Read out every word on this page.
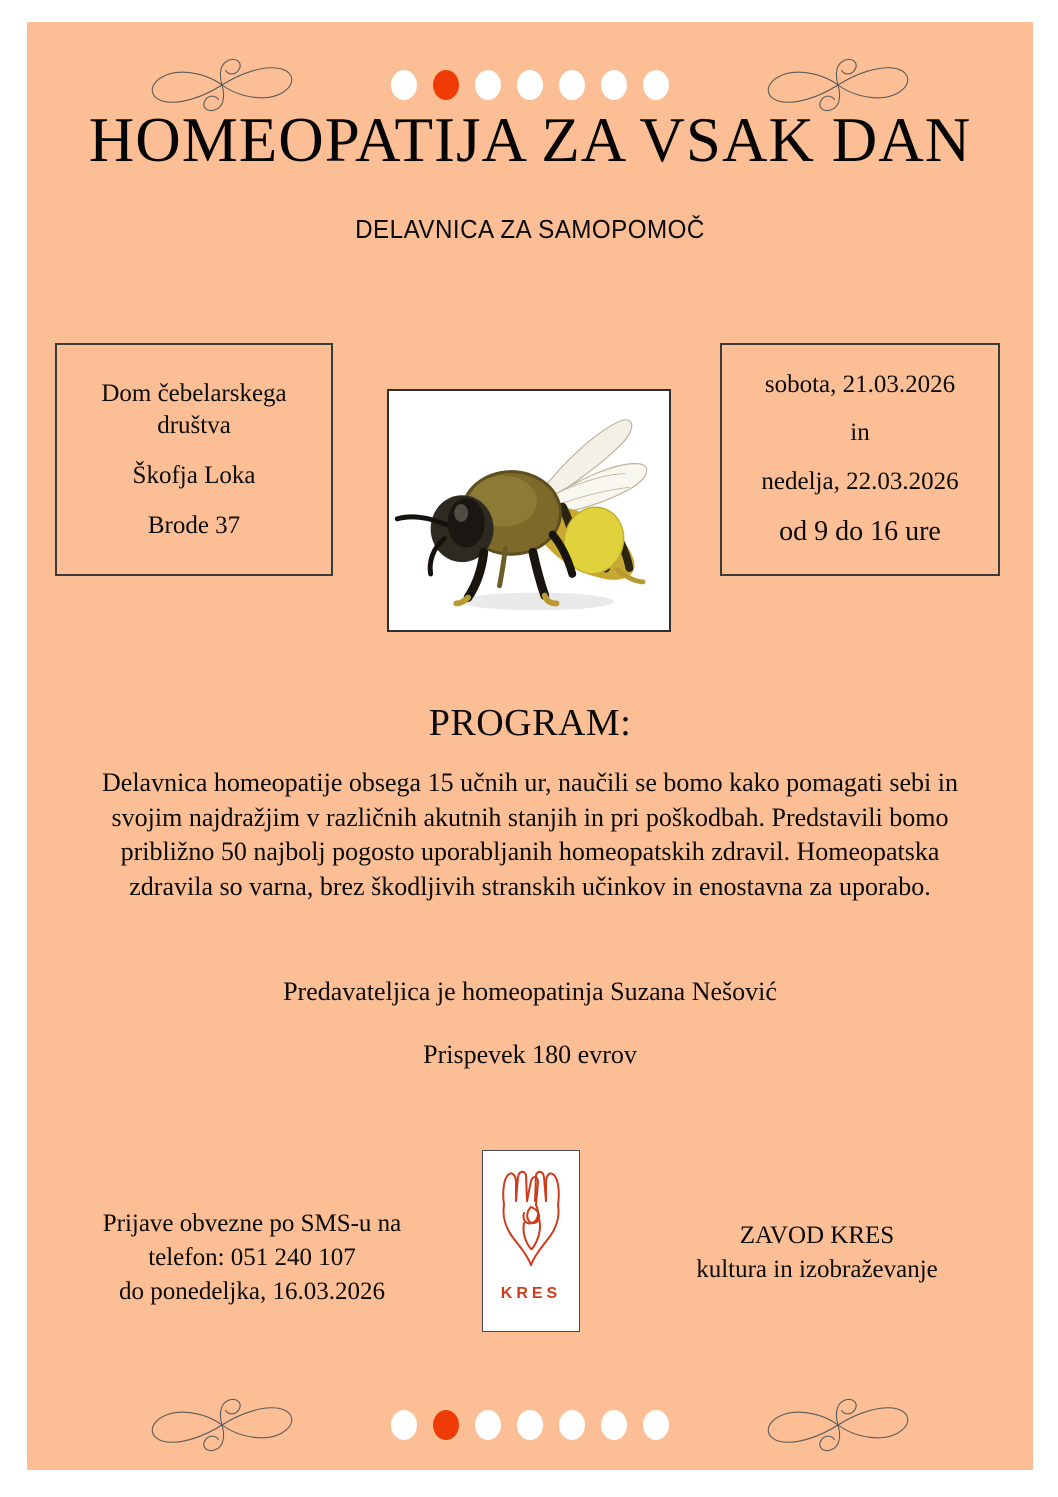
HOMEOPATIJA ZA VSAK DAN
DELAVNICA ZA SAMOPOMOČ
Dom čebelarskega
društva
Škofja Loka
Brode 37
sobota, 21.03.2026
in
nedelja, 22.03.2026
od 9 do 16 ure
PROGRAM:
Delavnica homeopatije obsega 15 učnih ur, naučili se bomo kako pomagati sebi in svojim najdražjim v različnih akutnih stanjih in pri poškodbah. Predstavili bomo približno 50 najbolj pogosto uporabljanih homeopatskih zdravil. Homeopatska zdravila so varna, brez škodljivih stranskih učinkov in enostavna za uporabo.
Predavateljica je homeopatinja Suzana Nešović
Prispevek 180 evrov
Prijave obvezne po SMS-u na
telefon: 051 240 107
do ponedeljka, 16.03.2026	KRES
ZAVOD KRES
kultura in izobraževanje
